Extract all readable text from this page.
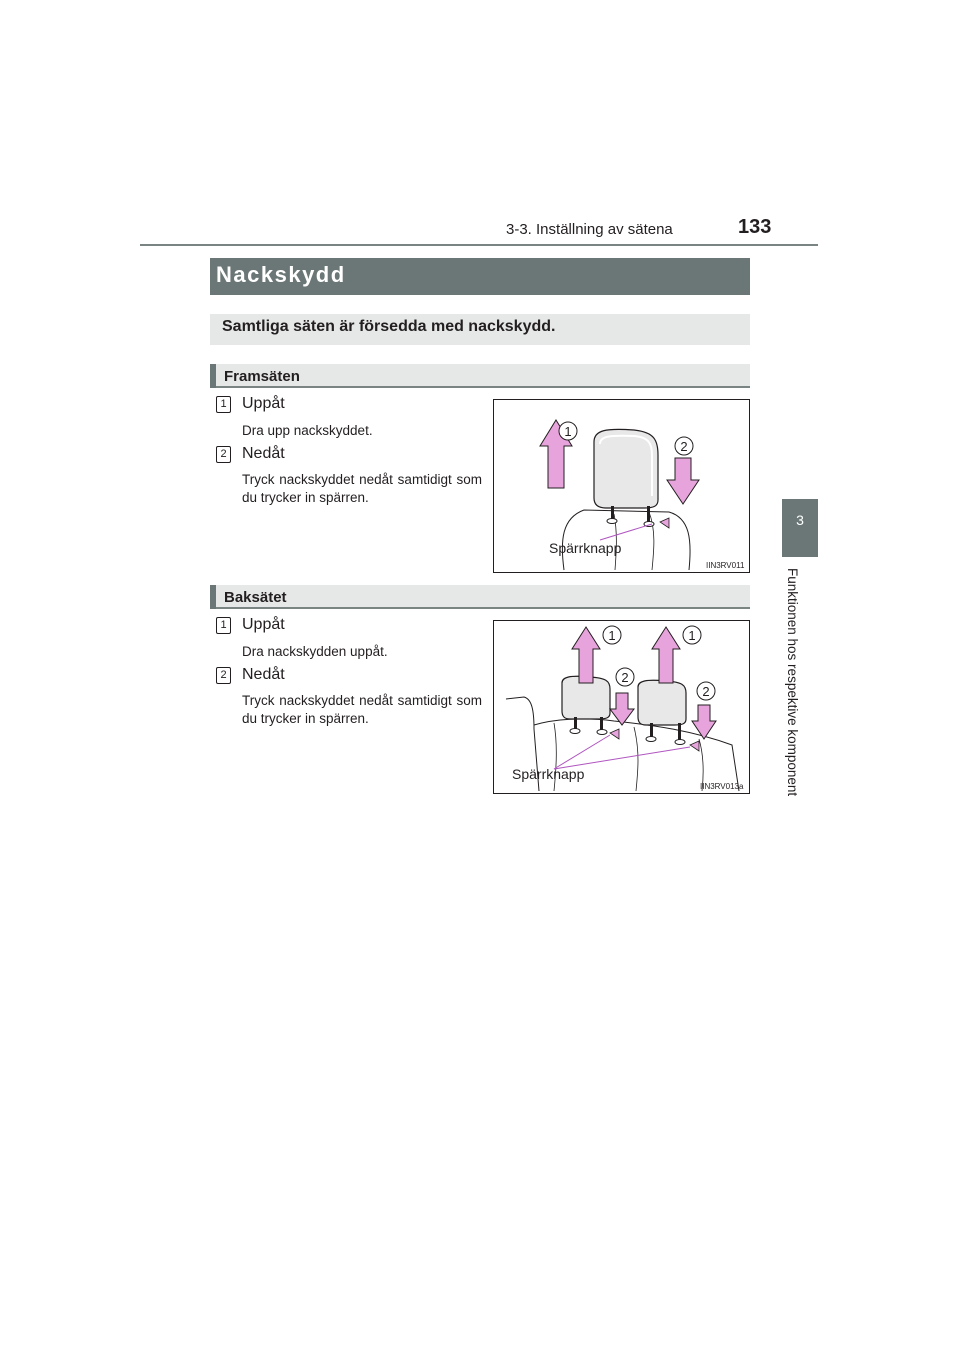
3-3. Inställning av sätena	133
3
Funktionen hos respektive komponent
Nackskydd
Samtliga säten är försedda med nackskydd.
Framsäten
1 Uppåt
Dra upp nackskyddet.
2 Nedåt
Tryck nackskyddet nedåt samtidigt som du trycker in spärren.
1
2
Spärrknapp
IIN3RV011
Baksätet
1 Uppåt
Dra nackskydden uppåt.
2 Nedåt
Tryck nackskyddet nedåt samtidigt som du trycker in spärren.
1	1
2
2
Spärrknapp
IIN3RV013a
